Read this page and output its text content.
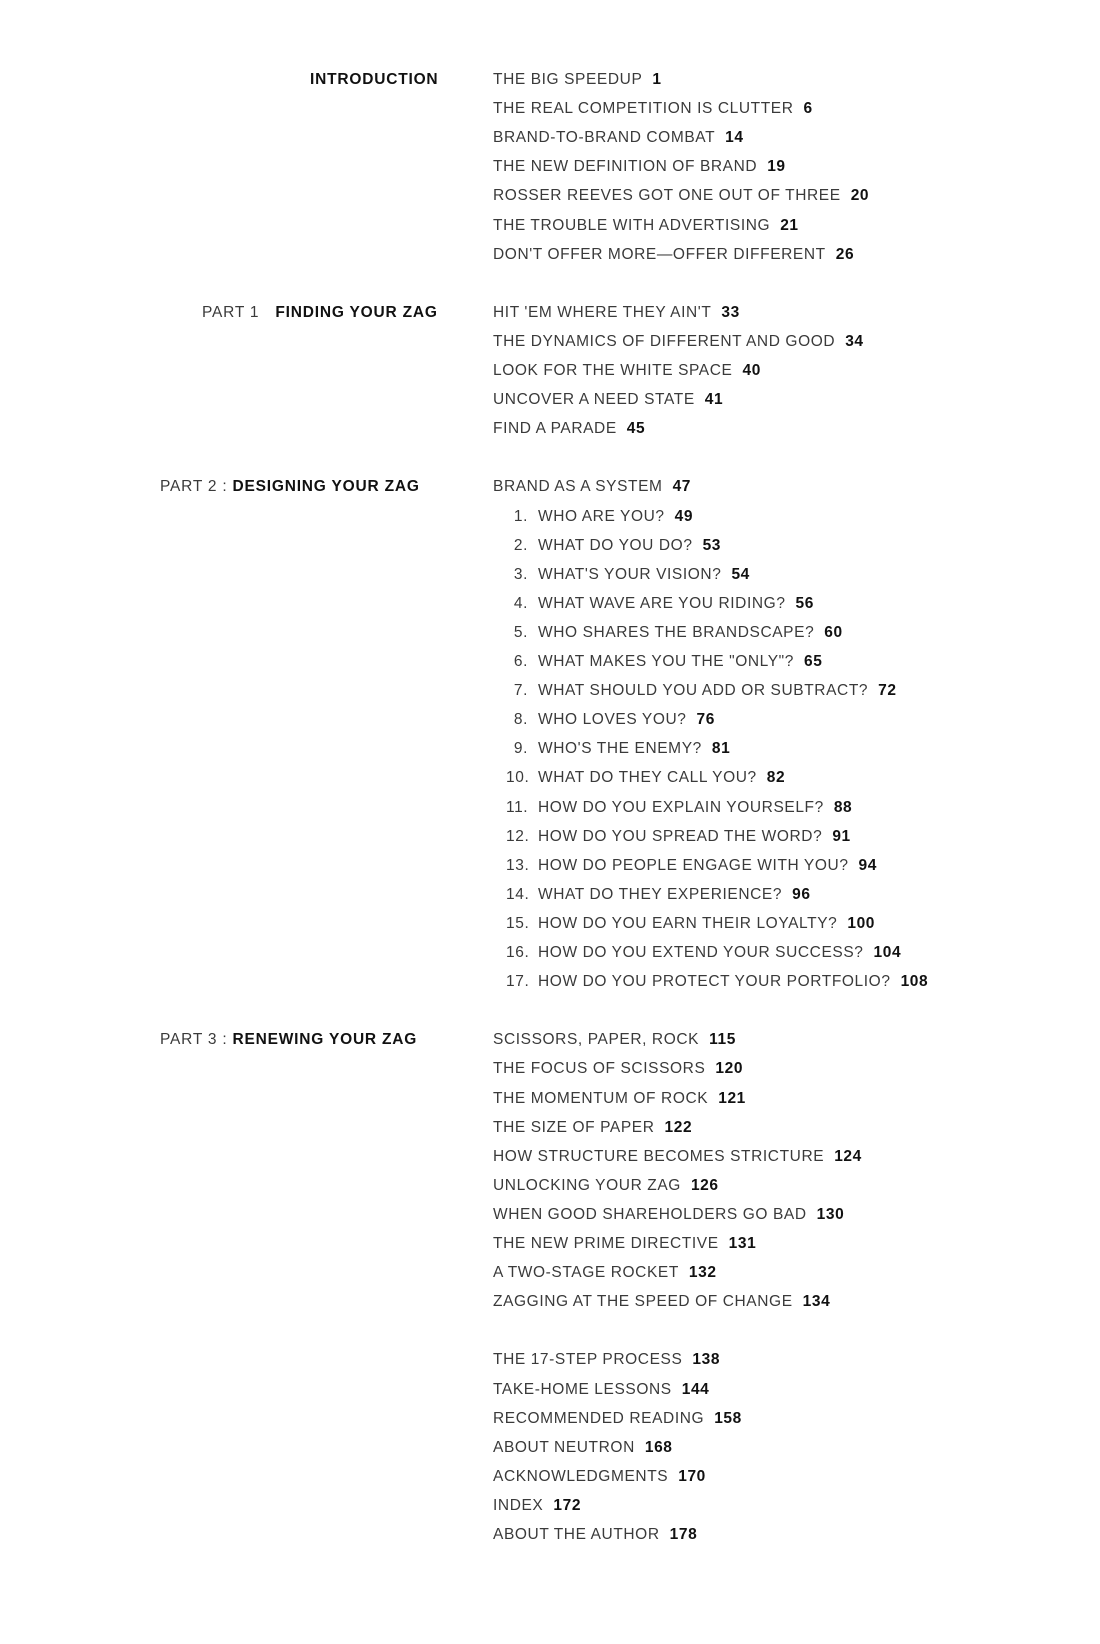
INTRODUCTION	THE BIG SPEEDUP 1
THE REAL COMPETITION IS CLUTTER 6
BRAND-TO-BRAND COMBAT 14
THE NEW DEFINITION OF BRAND 19
ROSSER REEVES GOT ONE OUT OF THREE 20
THE TROUBLE WITH ADVERTISING 21
DON'T OFFER MORE—OFFER DIFFERENT 26
PART 1 FINDING YOUR ZAG	HIT 'EM WHERE THEY AIN'T 33
THE DYNAMICS OF DIFFERENT AND GOOD 34
LOOK FOR THE WHITE SPACE 40
UNCOVER A NEED STATE 41
FIND A PARADE 45
PART 2 : DESIGNING YOUR ZAG	BRAND AS A SYSTEM 47
1. WHO ARE YOU? 49
2. WHAT DO YOU DO? 53
3. WHAT'S YOUR VISION? 54
4. WHAT WAVE ARE YOU RIDING? 56
5. WHO SHARES THE BRANDSCAPE? 60
6. WHAT MAKES YOU THE "ONLY"? 65
7. WHAT SHOULD YOU ADD OR SUBTRACT? 72
8. WHO LOVES YOU? 76
9. WHO'S THE ENEMY? 81
10. WHAT DO THEY CALL YOU? 82
11. HOW DO YOU EXPLAIN YOURSELF? 88
12. HOW DO YOU SPREAD THE WORD? 91
13. HOW DO PEOPLE ENGAGE WITH YOU? 94
14. WHAT DO THEY EXPERIENCE? 96
15. HOW DO YOU EARN THEIR LOYALTY? 100
16. HOW DO YOU EXTEND YOUR SUCCESS? 104
17. HOW DO YOU PROTECT YOUR PORTFOLIO? 108
PART 3 : RENEWING YOUR ZAG	SCISSORS, PAPER, ROCK 115
THE FOCUS OF SCISSORS 120
THE MOMENTUM OF ROCK 121
THE SIZE OF PAPER 122
HOW STRUCTURE BECOMES STRICTURE 124
UNLOCKING YOUR ZAG 126
WHEN GOOD SHAREHOLDERS GO BAD 130
THE NEW PRIME DIRECTIVE 131
A TWO-STAGE ROCKET 132
ZAGGING AT THE SPEED OF CHANGE 134
THE 17-STEP PROCESS 138
TAKE-HOME LESSONS 144
RECOMMENDED READING 158
ABOUT NEUTRON 168
ACKNOWLEDGMENTS 170
INDEX 172
ABOUT THE AUTHOR 178
